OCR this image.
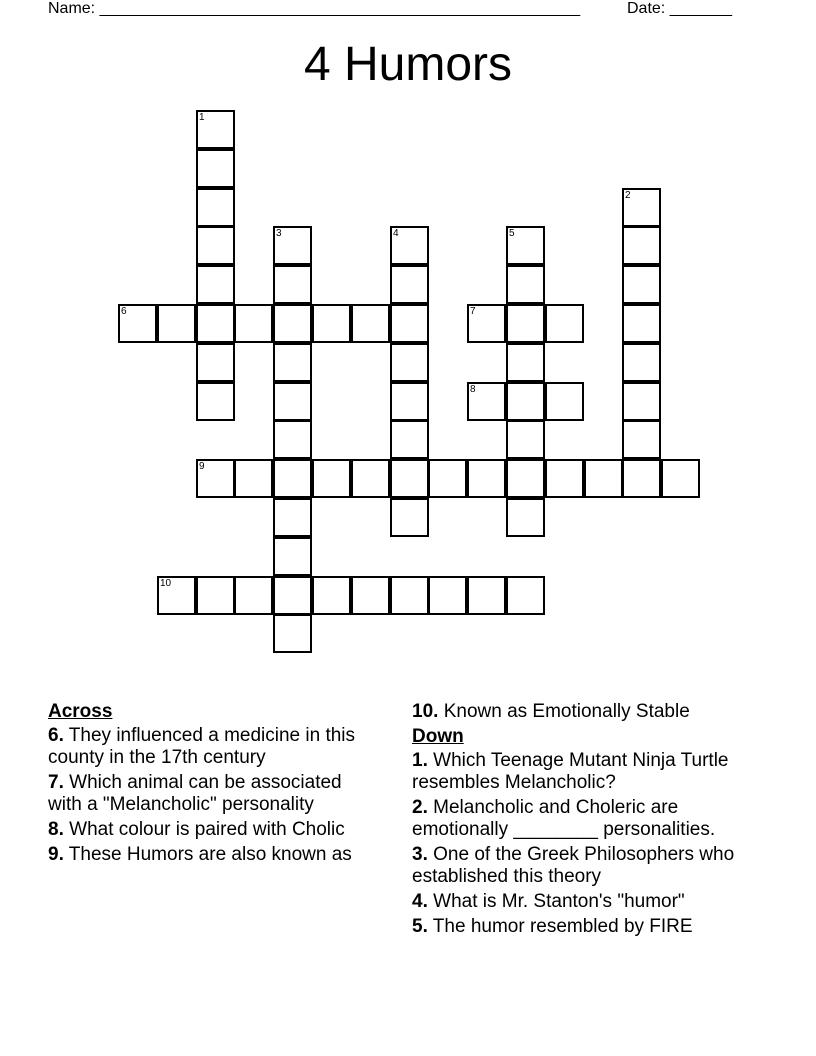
Name: ______________________________________________________	Date: _______
4 Humors
1
2
3	4	5
6	7
8
9
10
Across
6. They influenced a medicine in this county in the 17th century
7. Which animal can be associated with a "Melancholic" personality
8. What colour is paired with Cholic
9. These Humors are also known as
10. Known as Emotionally Stable
Down
1. Which Teenage Mutant Ninja Turtle resembles Melancholic?
2. Melancholic and Choleric are emotionally ________ personalities.
3. One of the Greek Philosophers who established this theory
4. What is Mr. Stanton's "humor"
5. The humor resembled by FIRE
